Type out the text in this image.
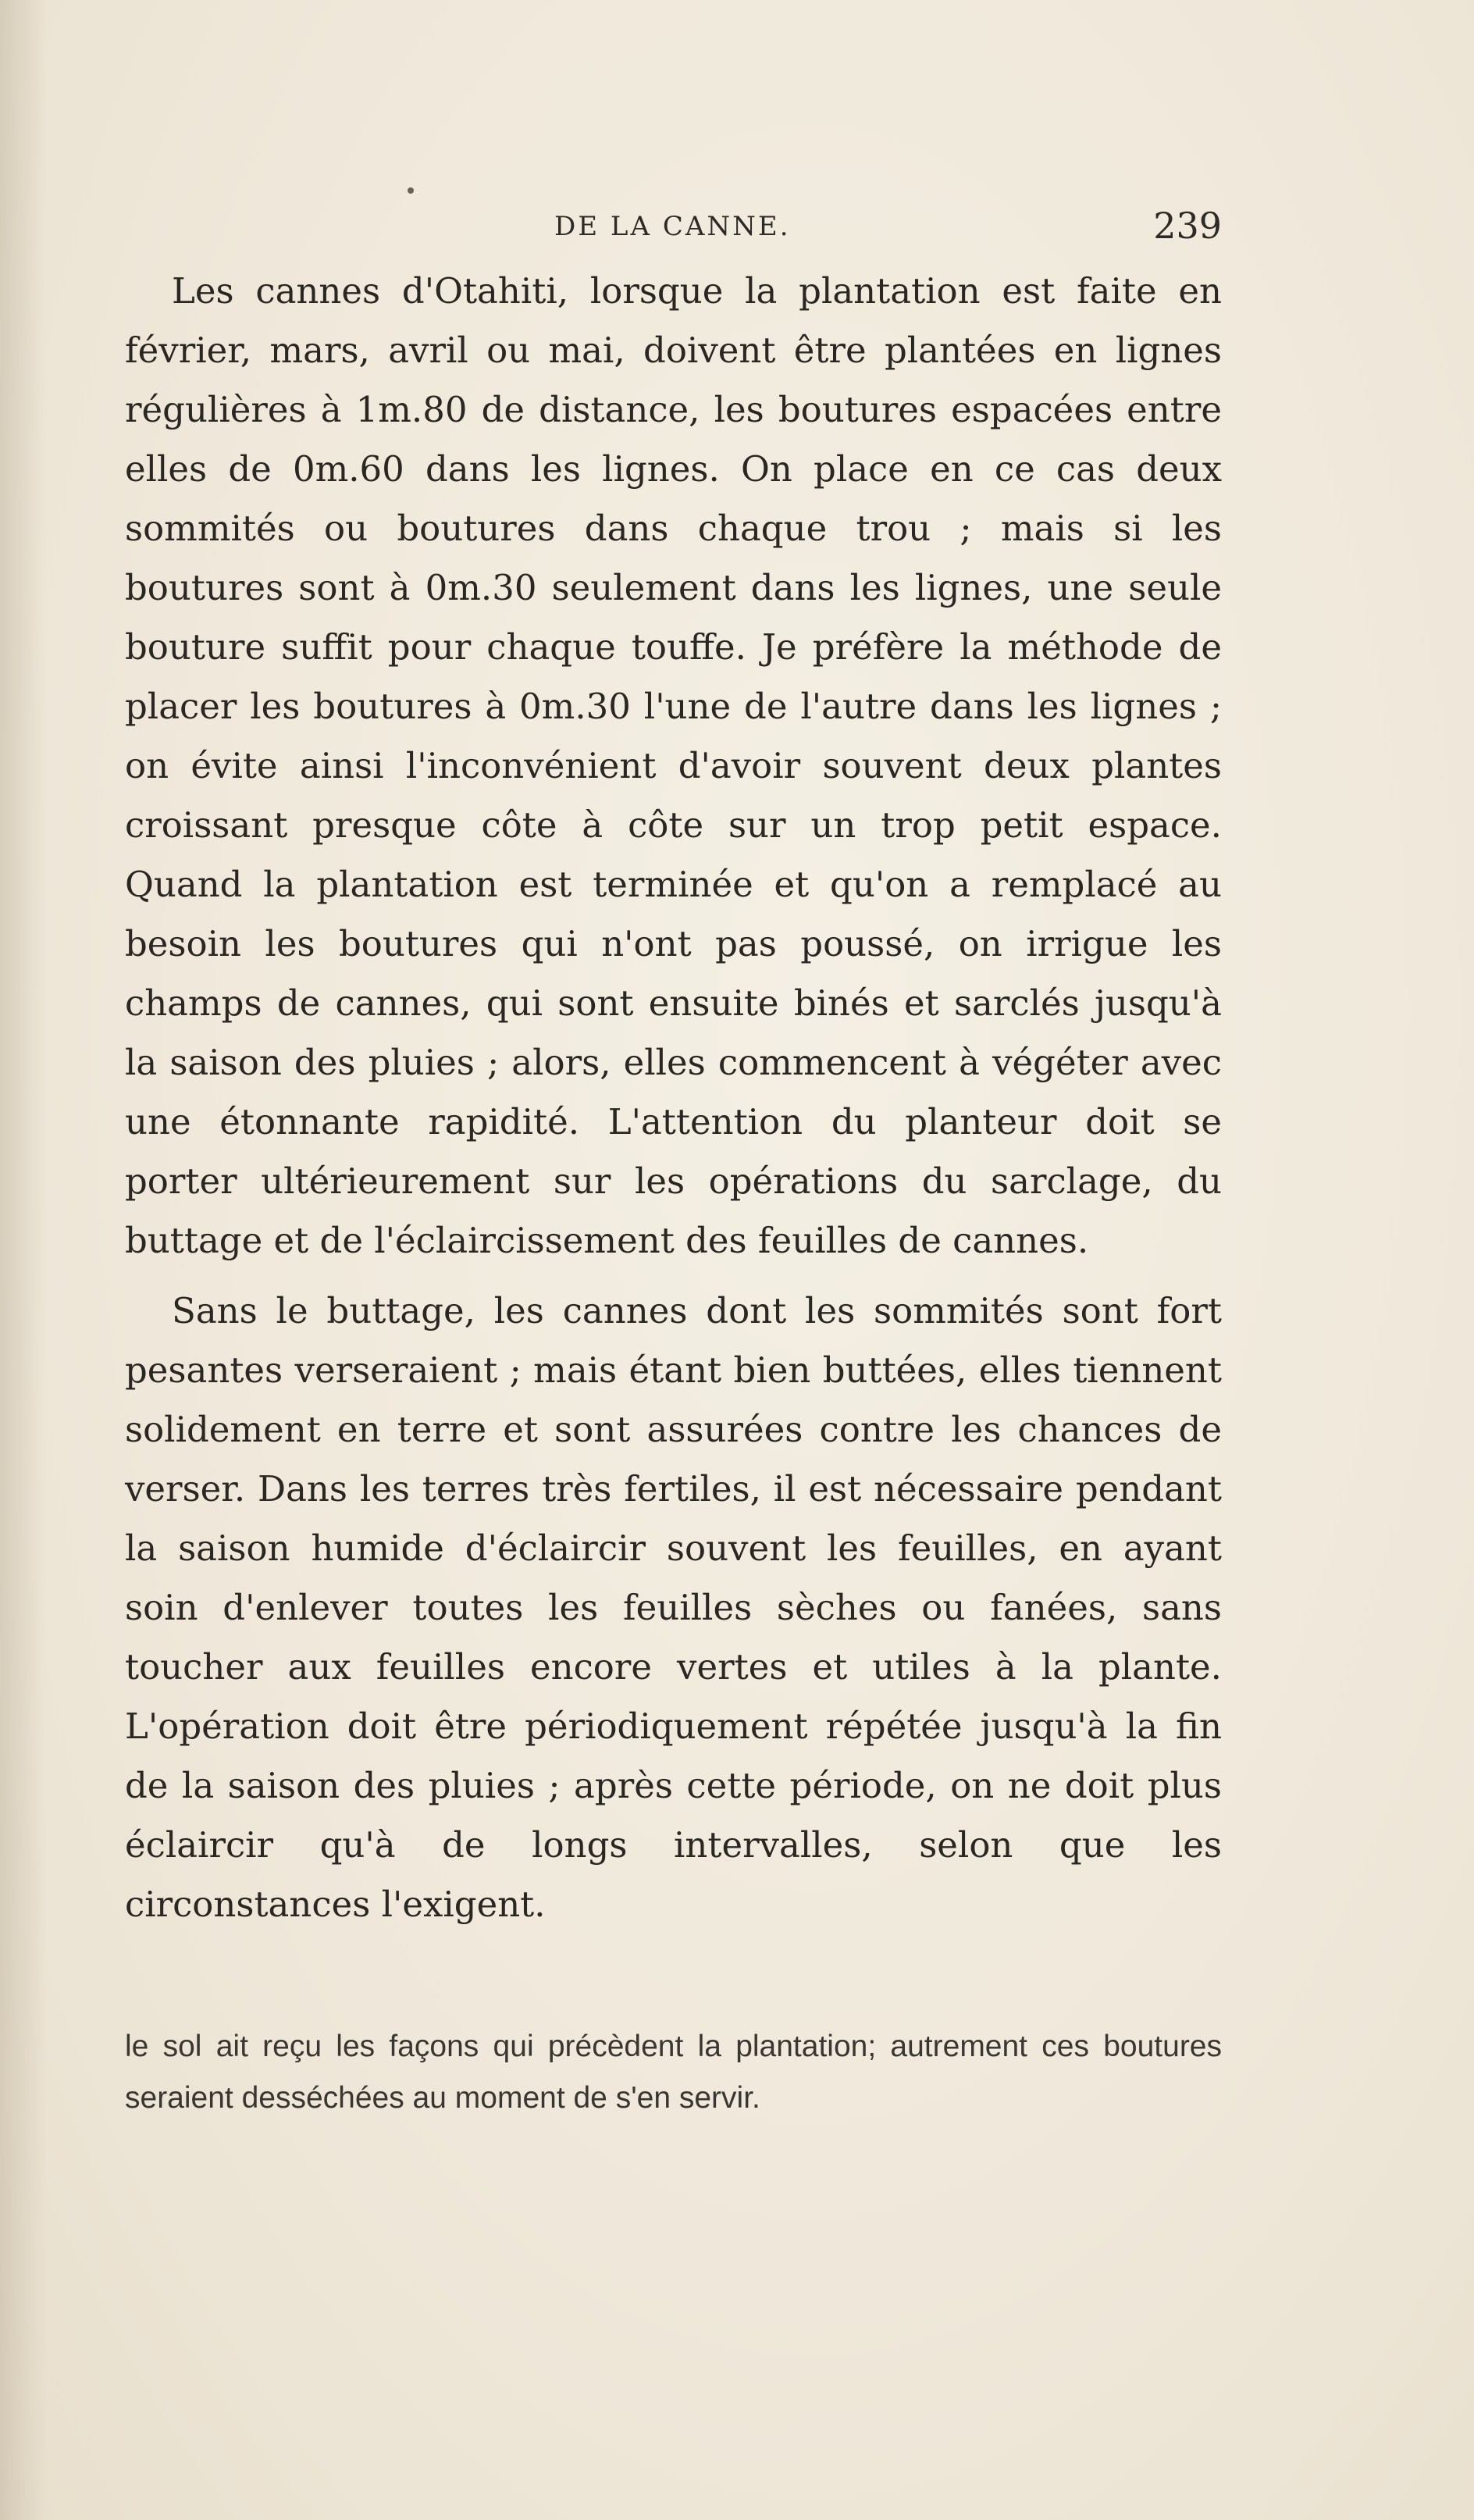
DE LA CANNE.	239

Les cannes d'Otahiti, lorsque la plantation est faite en février, mars, avril ou mai, doivent être plantées en lignes régulières à 1m.80 de distance, les boutures espacées entre elles de 0m.60 dans les lignes. On place en ce cas deux sommités ou boutures dans chaque trou ; mais si les boutures sont à 0m.30 seulement dans les lignes, une seule bouture suffit pour chaque touffe. Je préfère la méthode de placer les boutures à 0m.30 l'une de l'autre dans les lignes ; on évite ainsi l'inconvénient d'avoir souvent deux plantes croissant presque côte à côte sur un trop petit espace. Quand la plantation est terminée et qu'on a remplacé au besoin les boutures qui n'ont pas poussé, on irrigue les champs de cannes, qui sont ensuite binés et sarclés jusqu'à la saison des pluies ; alors, elles commencent à végéter avec une étonnante rapidité. L'attention du planteur doit se porter ultérieurement sur les opérations du sarclage, du buttage et de l'éclaircissement des feuilles de cannes.

Sans le buttage, les cannes dont les sommités sont fort pesantes verseraient ; mais étant bien buttées, elles tiennent solidement en terre et sont assurées contre les chances de verser. Dans les terres très fertiles, il est nécessaire pendant la saison humide d'éclaircir souvent les feuilles, en ayant soin d'enlever toutes les feuilles sèches ou fanées, sans toucher aux feuilles encore vertes et utiles à la plante. L'opération doit être périodiquement répétée jusqu'à la fin de la saison des pluies ; après cette période, on ne doit plus éclaircir qu'à de longs intervalles, selon que les circonstances l'exigent.

le sol ait reçu les façons qui précèdent la plantation; autrement ces boutures seraient desséchées au moment de s'en servir.
